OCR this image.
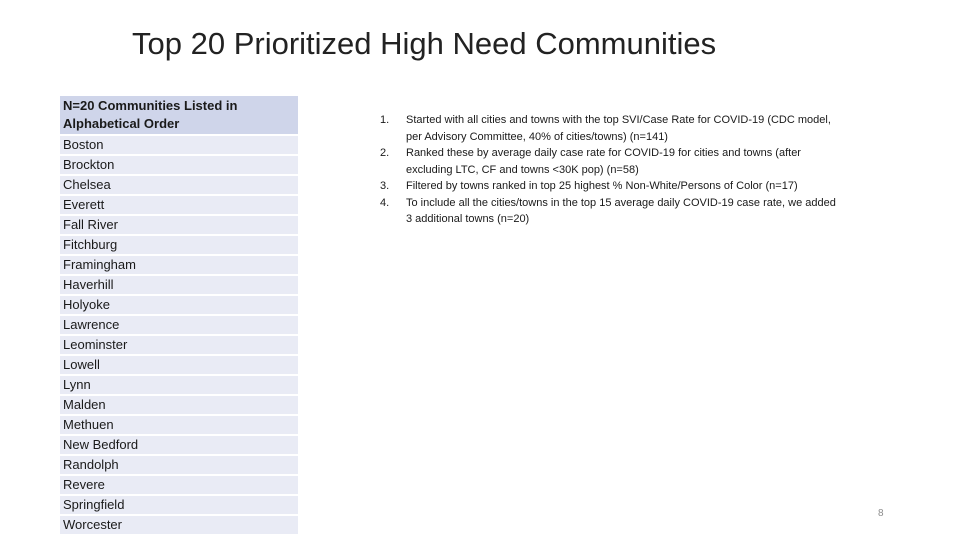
Top 20 Prioritized High Need Communities
N=20 Communities Listed in Alphabetical Order
Boston
Brockton
Chelsea
Everett
Fall River
Fitchburg
Framingham
Haverhill
Holyoke
Lawrence
Leominster
Lowell
Lynn
Malden
Methuen
New Bedford
Randolph
Revere
Springfield
Worcester
1.	Started with all cities and towns with the top SVI/Case Rate for COVID-19 (CDC model, per Advisory Committee, 40% of cities/towns) (n=141)
2.	Ranked these by average daily case rate for COVID-19 for cities and towns (after excluding LTC, CF and towns <30K pop) (n=58)
3.	Filtered by towns ranked in top 25 highest % Non-White/Persons of Color (n=17)
4.	To include all the cities/towns in the top 15 average daily COVID-19 case rate, we added 3 additional towns (n=20)
8
